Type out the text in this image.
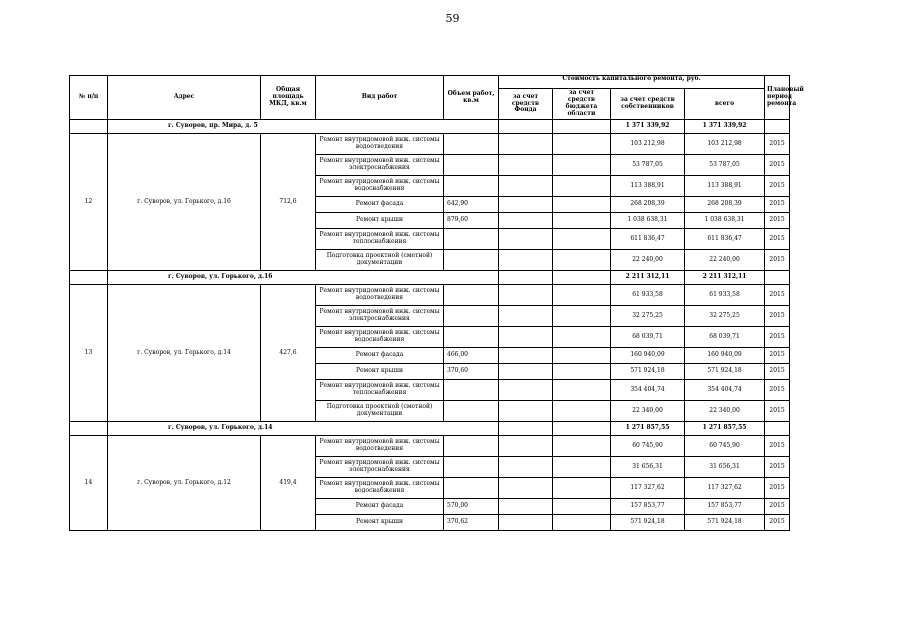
59
№ п/п	Адрес	Общая площадь МКД, кв.м	Вид работ	Объем работ, кв.м	Стоимость капитального ремонта, руб.				Плановый период ремонта
					за счет средств Фонда	за счет средств бюджета области	за счет средств собственников	всего	
	г. Суворов, пр. Мира, д. 5						1 371 339,92	1 371 339,92	
12	г. Суворов, ул. Горького, д.16	712,6	Ремонт внутридомовой инж. системы водоотведения				103 212,98	103 212,98	2015
			Ремонт внутридомовой инж. системы электроснабжения				53 787,05	53 787,05	2015
			Ремонт внутридомовой инж. системы водоснабжения				113 388,91	113 388,91	2015
			Ремонт фасада	642,90			268 208,39	268 208,39	2015
			Ремонт крыши	879,60			1 038 638,31	1 038 638,31	2015
			Ремонт внутридомовой инж. системы теплоснабжения				611 836,47	611 836,47	2015
			Подготовка проектной (сметной) документации				22 240,00	22 240,00	2015
	г. Суворов, ул. Горького, д.16						2 211 312,11	2 211 312,11	
13	г. Суворов, ул. Горького, д.14	427,6	Ремонт внутридомовой инж. системы водоотведения				61 933,58	61 933,58	2015
			Ремонт внутридомовой инж. системы электроснабжения				32 275,25	32 275,25	2015
			Ремонт внутридомовой инж. системы водоснабжения				68 039,71	68 039,71	2015
			Ремонт фасада	466,00			160 940,09	160 940,09	2015
			Ремонт крыши	370,60			571 924,18	571 924,18	2015
			Ремонт внутридомовой инж. системы теплоснабжения				354 404,74	354 404,74	2015
			Подготовка проектной (сметной) документации				22 340,00	22 340,00	2015
	г. Суворов, ул. Горького, д.14						1 271 857,55	1 271 857,55	
14	г. Суворов, ул. Горького, д.12	419,4	Ремонт внутридомовой инж. системы водоотведения				60 745,90	60 745,90	2015
			Ремонт внутридомовой инж. системы электроснабжения				31 656,31	31 656,31	2015
			Ремонт внутридомовой инж. системы водоснабжения				117 327,62	117 327,62	2015
			Ремонт фасада	570,00			157 853,77	157 853,77	2015
			Ремонт крыши	370,62			571 924,18	571 924,18	2015
